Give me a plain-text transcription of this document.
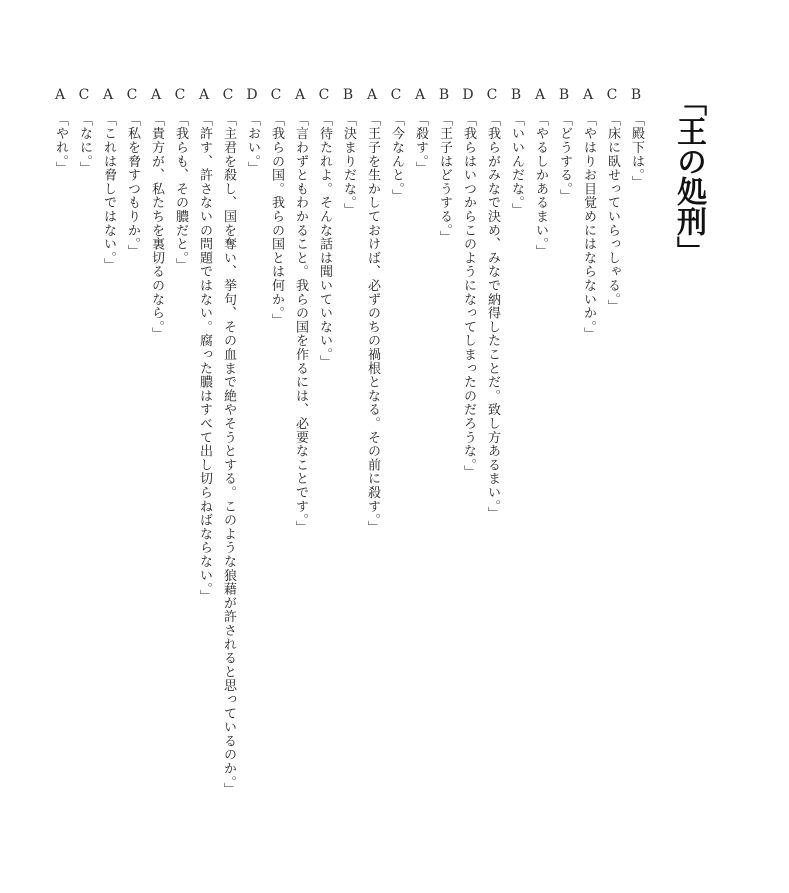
「王の処刑」
B
「殿下は。」
C
「床に臥せっていらっしゃる。」
A
「やはりお目覚めにはならないか。」
B
「どうする。」
A
「やるしかあるまい。」
B
「いいんだな。」
C
「我らがみなで決め、みなで納得したことだ。致し方あるまい。」
D
「我らはいつからこのようになってしまったのだろうな。」
B
「王子はどうする。」
A
「殺す。」
C
「今なんと。」
A
「王子を生かしておけば、必ずのちの禍根となる。その前に殺す。」
B
「決まりだな。」
C
「待たれよ。そんな話は聞いていない。」
A
「言わずともわかること。我らの国を作るには、必要なことです。」
C
「我らの国。我らの国とは何か。」
D
「おい。」
C
「主君を殺し、国を奪い、挙句、その血まで絶やそうとする。このような狼藉が許されると思っているのか。」
A
「許す、許さないの問題ではない。腐った膿はすべて出し切らねばならない。」
C
「我らも、その膿だと。」
A
「貴方が、私たちを裏切るのなら。」
C
「私を脅すつもりか。」
A
「これは脅しではない。」
C
「なに。」
A
「やれ。」
